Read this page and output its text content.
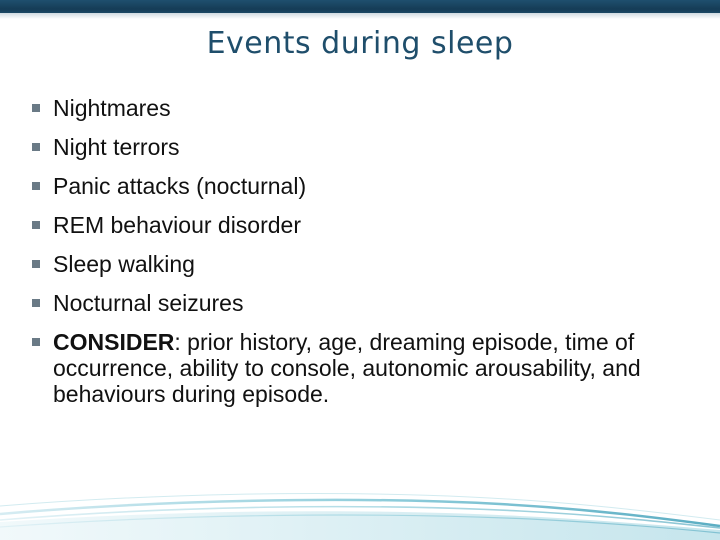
Events during sleep
Nightmares
Night terrors
Panic attacks (nocturnal)
REM behaviour disorder
Sleep walking
Nocturnal seizures
CONSIDER: prior history, age, dreaming episode, time of occurrence, ability to console, autonomic arousability, and behaviours during episode.
